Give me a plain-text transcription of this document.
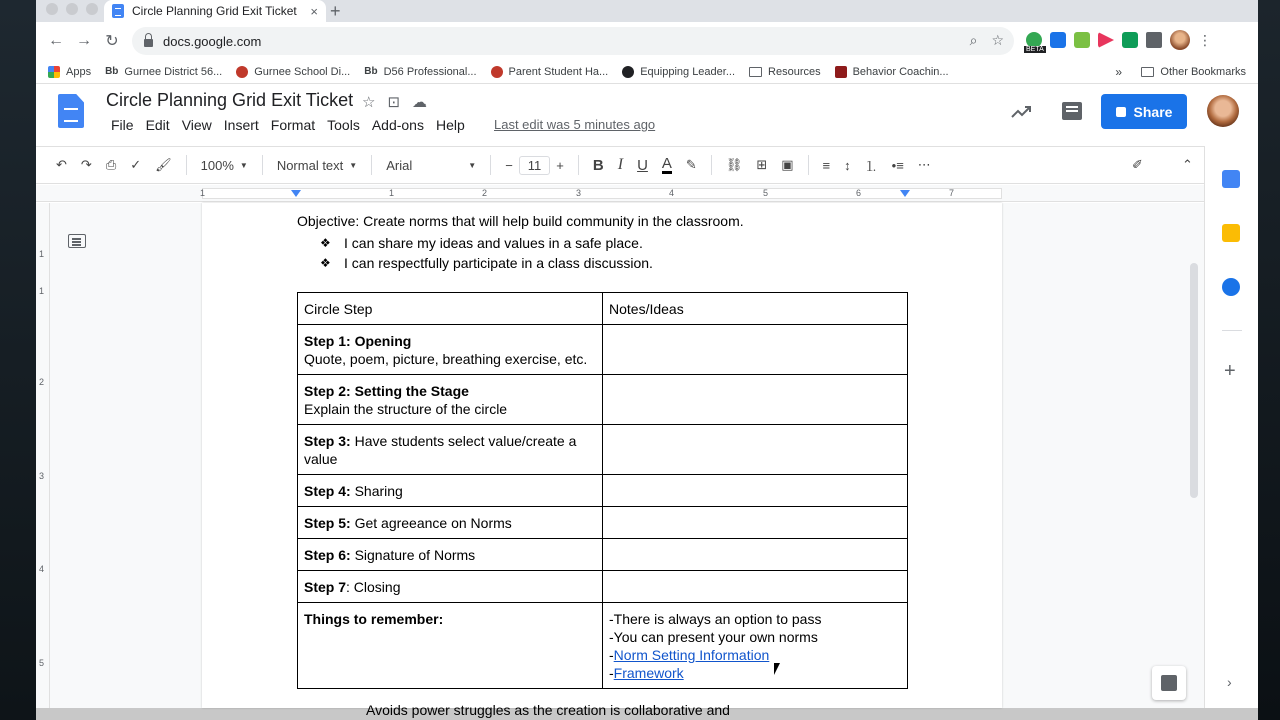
Circle Planning Grid Exit Ticket	× +
← → ↻	docs.google.com	⌕ ☆
BETA
⋮
Apps Bb Gurnee District 56...	Gurnee School Di... Bb D56 Professional...	Parent Student Ha...	Equipping Leader...	Resources	Behavior Coachin...	»	Other Bookmarks
Circle Planning Grid Exit Ticket ☆ ⊡ ☁
File Edit View Insert Format Tools Add-ons Help	Last edit was 5 minutes ago
Share
↶ ↷ ⎙ ✓ 🖌︎ 100% ▼ Normal text ▼ Arial	▼ −	11	+ B I U A ✎ ⛓ ⊞ ▣ ≡ ↕ ⒈ •≡ ⋯	✐	⌃
1	1	2	3	4	5	6	7
1
1
2
3
4
5
Objective: Create norms that will help build community in the classroom.
❖ I can share my ideas and values in a safe place.
❖ I can respectfully participate in a class discussion.
Circle Step	Notes/Ideas
Step 1: Opening
Quote, poem, picture, breathing exercise, etc.	
Step 2: Setting the Stage
Explain the structure of the circle	
Step 3: Have students select value/create a value	
Step 4: Sharing	
Step 5: Get agreeance on Norms	
Step 6: Signature of Norms	
Step 7: Closing	
Things to remember:	-There is always an option to pass
-You can present your own norms
-Norm Setting Information
-Framework
Avoids power struggles as the creation is collaborative and
+
›
